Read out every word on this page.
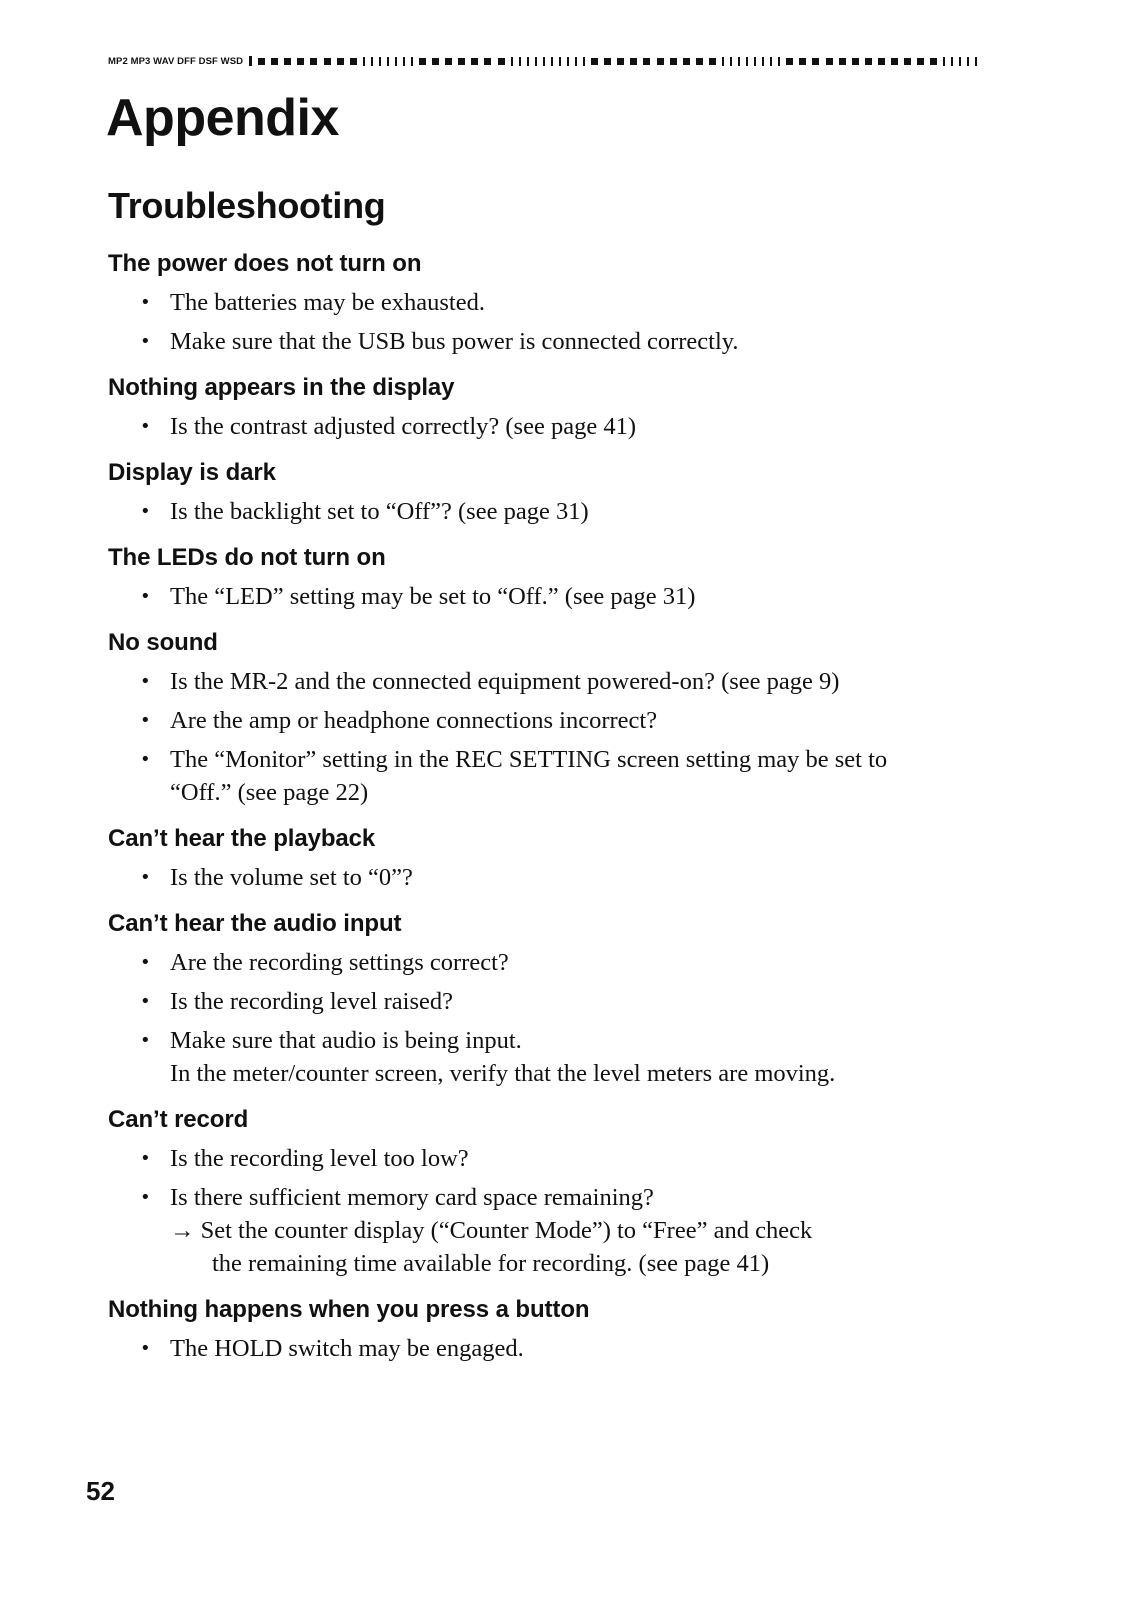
MP2 MP3 WAV DFF DSF WSD
Appendix
Troubleshooting
The power does not turn on
• The batteries may be exhausted.
• Make sure that the USB bus power is connected correctly.
Nothing appears in the display
• Is the contrast adjusted correctly? (see page 41)
Display is dark
• Is the backlight set to “Off”? (see page 31)
The LEDs do not turn on
• The “LED” setting may be set to “Off.” (see page 31)
No sound
• Is the MR-2 and the connected equipment powered-on? (see page 9)
• Are the amp or headphone connections incorrect?
• The “Monitor” setting in the REC SETTING screen setting may be set to “Off.” (see page 22)
Can’t hear the playback
• Is the volume set to “0”?
Can’t hear the audio input
• Are the recording settings correct?
• Is the recording level raised?
• Make sure that audio is being input.
In the meter/counter screen, verify that the level meters are moving.
Can’t record
• Is the recording level too low?
• Is there sufficient memory card space remaining?
→ Set the counter display (“Counter Mode”) to “Free” and check
the remaining time available for recording. (see page 41)
Nothing happens when you press a button
• The HOLD switch may be engaged.
52
